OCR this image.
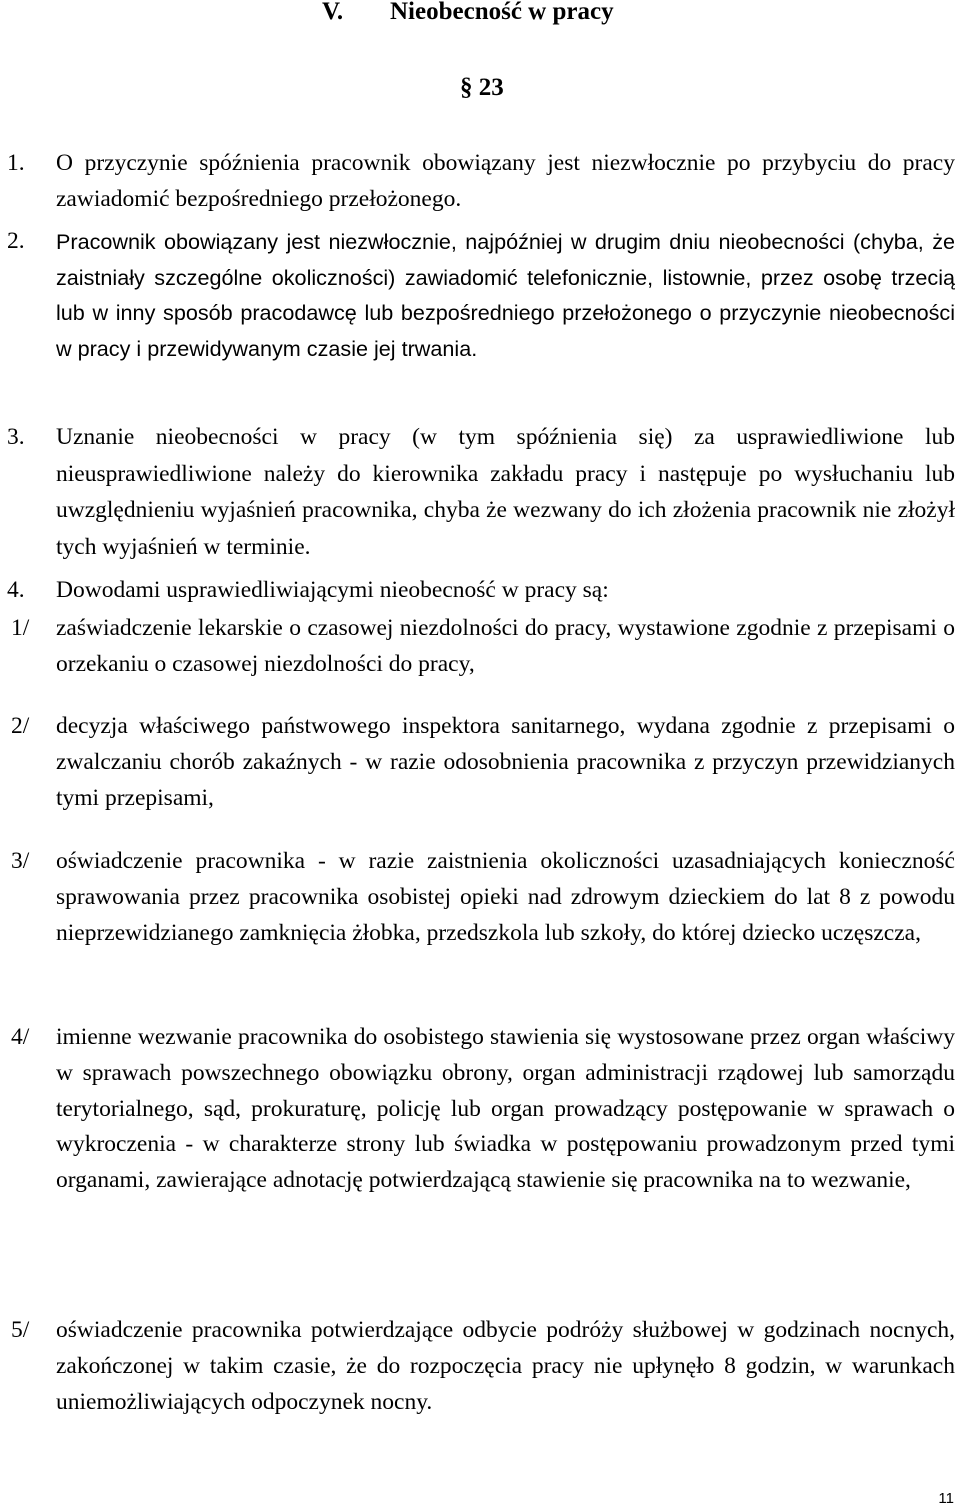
V. Nieobecność w pracy
§ 23
1. O przyczynie spóźnienia pracownik obowiązany jest niezwłocznie po przybyciu do pracy zawiadomić bezpośredniego przełożonego.
2. Pracownik obowiązany jest niezwłocznie, najpóźniej w drugim dniu nieobecności (chyba, że zaistniały szczególne okoliczności) zawiadomić telefonicznie, listownie, przez osobę trzecią lub w inny sposób pracodawcę lub bezpośredniego przełożonego o przyczynie nieobecności w pracy i przewidywanym czasie jej trwania.
3. Uznanie nieobecności w pracy (w tym spóźnienia się) za usprawiedliwione lub nieusprawiedliwione należy do kierownika zakładu pracy i następuje po wysłuchaniu lub uwzględnieniu wyjaśnień pracownika, chyba że wezwany do ich złożenia pracownik nie złożył tych wyjaśnień w terminie.
4. Dowodami usprawiedliwiającymi nieobecność w pracy są:
1/ zaświadczenie lekarskie o czasowej niezdolności do pracy, wystawione zgodnie z przepisami o orzekaniu o czasowej niezdolności do pracy,
2/ decyzja właściwego państwowego inspektora sanitarnego, wydana zgodnie z przepisami o zwalczaniu chorób zakaźnych - w razie odosobnienia pracownika z przyczyn przewidzianych tymi przepisami,
3/ oświadczenie pracownika - w razie zaistnienia okoliczności uzasadniających konieczność sprawowania przez pracownika osobistej opieki nad zdrowym dzieckiem do lat 8 z powodu nieprzewidzianego zamknięcia żłobka, przedszkola lub szkoły, do której dziecko uczęszcza,
4/ imienne wezwanie pracownika do osobistego stawienia się wystosowane przez organ właściwy w sprawach powszechnego obowiązku obrony, organ administracji rządowej lub samorządu terytorialnego, sąd, prokuraturę, policję lub organ prowadzący postępowanie w sprawach o wykroczenia - w charakterze strony lub świadka w postępowaniu prowadzonym przed tymi organami, zawierające adnotację potwierdzającą stawienie się pracownika na to wezwanie,
5/ oświadczenie pracownika potwierdzające odbycie podróży służbowej w godzinach nocnych, zakończonej w takim czasie, że do rozpoczęcia pracy nie upłynęło 8 godzin, w warunkach uniemożliwiających odpoczynek nocny.
11
